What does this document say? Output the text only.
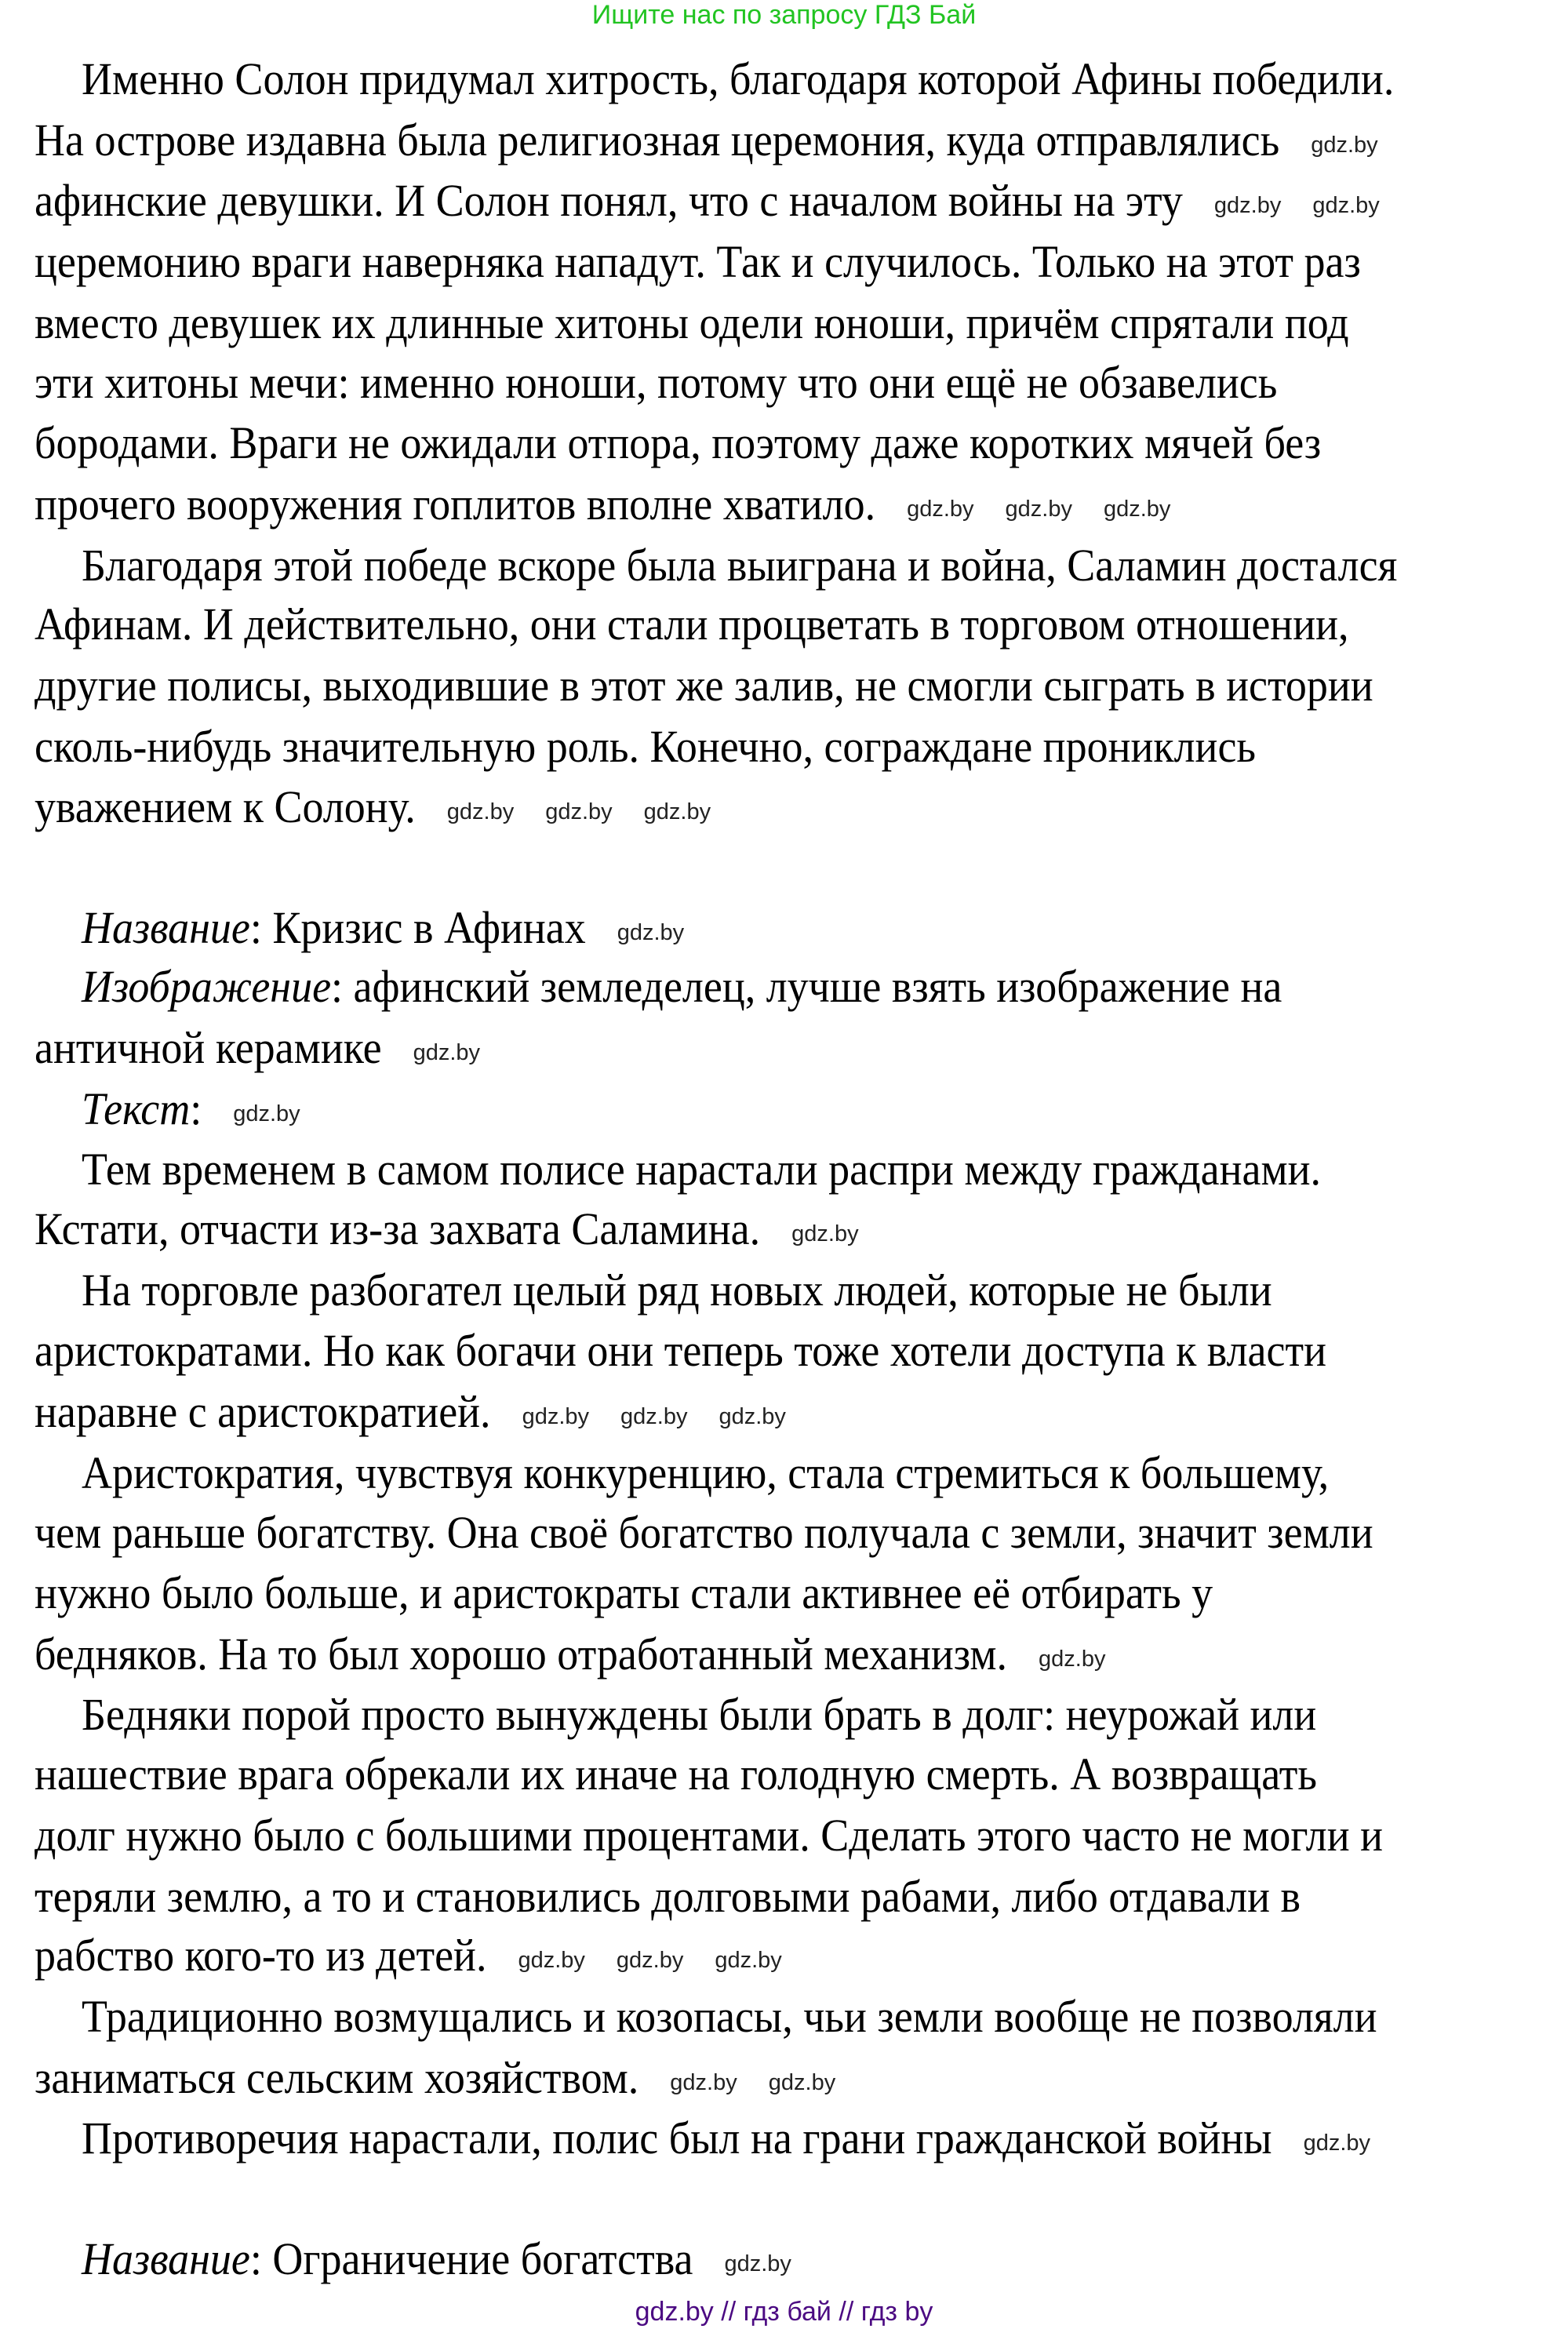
Ищите нас по запросу ГДЗ Бай
Именно Солон придумал хитрость, благодаря которой Афины победили.
На острове издавна была религиозная церемония, куда отправлялись gdz.by
афинские девушки. И Солон понял, что с началом войны на эту gdz.by gdz.by
церемонию враги наверняка нападут. Так и случилось. Только на этот раз
вместо девушек их длинные хитоны одели юноши, причём спрятали под
эти хитоны мечи: именно юноши, потому что они ещё не обзавелись
бородами. Враги не ожидали отпора, поэтому даже коротких мячей без
прочего вооружения гоплитов вполне хватило. gdz.by gdz.by gdz.by
Благодаря этой победе вскоре была выиграна и война, Саламин достался
Афинам. И действительно, они стали процветать в торговом отношении,
другие полисы, выходившие в этот же залив, не смогли сыграть в истории
сколь-нибудь значительную роль. Конечно, сограждане прониклись
уважением к Солону. gdz.by gdz.by gdz.by
Название: Кризис в Афинах gdz.by
Изображение: афинский земледелец, лучше взять изображение на
античной керамике gdz.by
Текст: gdz.by
Тем временем в самом полисе нарастали распри между гражданами.
Кстати, отчасти из-за захвата Саламина. gdz.by
На торговле разбогател целый ряд новых людей, которые не были
аристократами. Но как богачи они теперь тоже хотели доступа к власти
наравне с аристократией. gdz.by gdz.by gdz.by
Аристократия, чувствуя конкуренцию, стала стремиться к большему,
чем раньше богатству. Она своё богатство получала с земли, значит земли
нужно было больше, и аристократы стали активнее её отбирать у
бедняков. На то был хорошо отработанный механизм. gdz.by
Бедняки порой просто вынуждены были брать в долг: неурожай или
нашествие врага обрекали их иначе на голодную смерть. А возвращать
долг нужно было с большими процентами. Сделать этого часто не могли и
теряли землю, а то и становились долговыми рабами, либо отдавали в
рабство кого-то из детей. gdz.by gdz.by gdz.by
Традиционно возмущались и козопасы, чьи земли вообще не позволяли
заниматься сельским хозяйством. gdz.by gdz.by
Противоречия нарастали, полис был на грани гражданской войны gdz.by
Название: Ограничение богатства gdz.by
gdz.by // гдз бай // гдз by
